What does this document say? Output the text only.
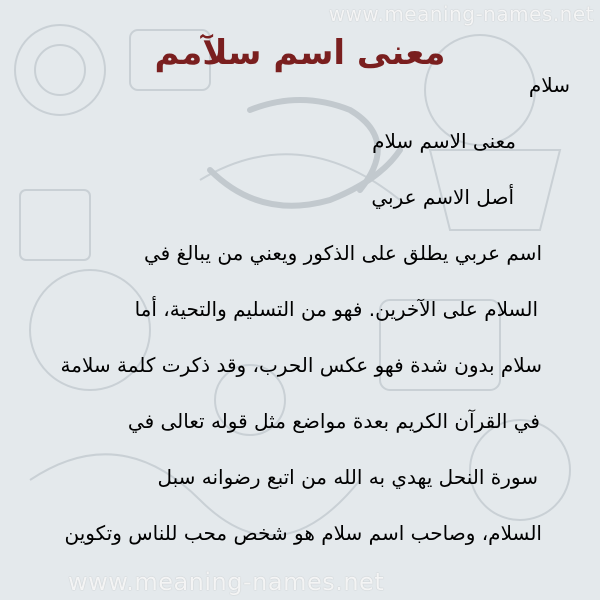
www.meaning-names.net
معنى اسم سلآمم
سلام
معنى الاسم سلام
أصل الاسم عربي
اسم عربي يطلق على الذكور ويعني من يبالغ في
السلام على الآخرين. فهو من التسليم والتحية، أما
سلام بدون شدة فهو عكس الحرب، وقد ذكرت كلمة سلامة
في القرآن الكريم بعدة مواضع مثل قوله تعالى في
سورة النحل يهدي به الله من اتبع رضوانه سبل
السلام، وصاحب اسم سلام هو شخص محب للناس وتكوين
www.meaning-names.net
